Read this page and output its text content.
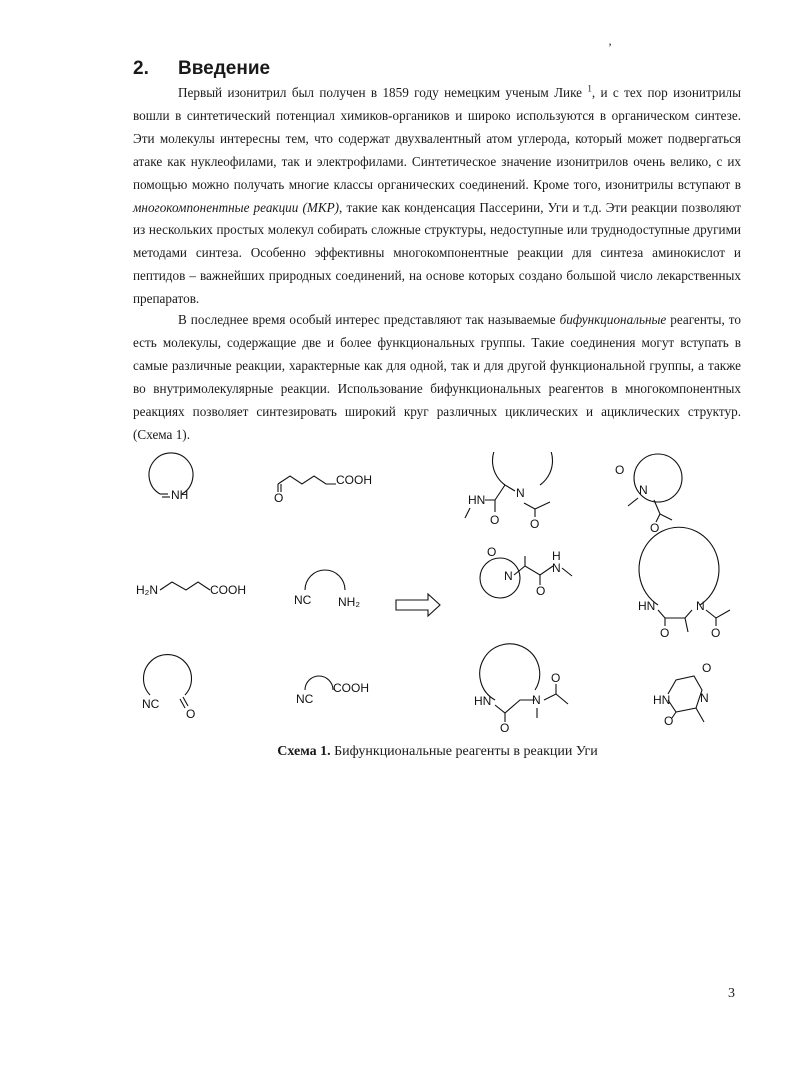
’
2.	Введение

Первый изонитрил был получен в 1859 году немецким ученым Лике $^1$, и с тех пор изонитрилы вошли в синтетический потенциал химиков-органиков и широко используются в органическом синтезе. Эти молекулы интересны тем, что содержат двухвалентный атом углерода, который может подвергаться атаке как нуклеофилами, так и электрофилами. Синтетическое значение изонитрилов очень велико, с их помощью можно получать многие классы органических соединений. Кроме того, изонитрилы вступают в многокомпонентные реакции (МКР), такие как конденсация Пассерини, Уги и т.д. Эти реакции позволяют из нескольких простых молекул собирать сложные структуры, недоступные или труднодоступные другими методами синтеза. Особенно эффективны многокомпонентные реакции для синтеза аминокислот и пептидов – важнейших природных соединений, на основе которых создано большой число лекарственных препаратов.

В последнее время особый интерес представляют так называемые бифункциональные реагенты, то есть молекулы, содержащие две и более функциональных группы. Такие соединения могут вступать в самые различные реакции, характерные как для одной, так и для другой функциональной группы, а также во внутримолекулярные реакции. Использование бифункциональных реагентов в многокомпонентных реакциях позволяет синтезировать широкий круг различных циклических и ациклических структур. (Схема 1).

NH
COOH
O	N
O
HN
O
O
N
O
H₂N	COOH
NC NH₂
O
N
O
H
N
HN	N
O	O
NC
O
NC
COOH
HN
O
N
O
HN N
O
O
Схема 1. Бифункциональные реагенты в реакции Уги
3
